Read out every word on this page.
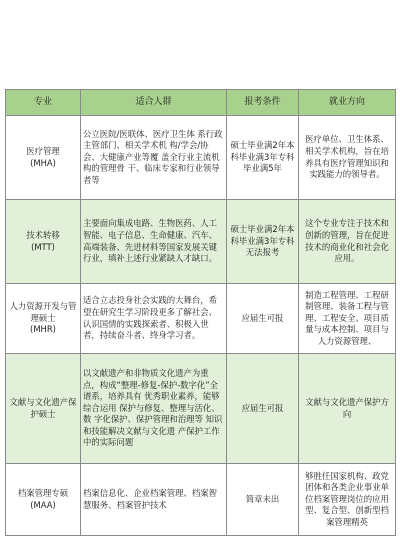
专业	适合人群	报考条件	就业方向

医疗管理
(MHA)	公立医院/医联体、医疗卫生体 系行政主管部门、相关学术机 构/学会/协会、大健康产业等覆 盖全行业主流机构的管理骨 干、临床专家和行业领导者等	硕士毕业满2年本科毕业满3年专科毕业满5年	医疗单位、卫生体系、相关学术机构，旨在培养具有医疗管理知识和实践能力的领导者。

技术转移
(MTT)	主要面向集成电路、生物医药、人工智能、电子信息、生命健康、汽车、高端装备、先进材料等国家发展关键行业，填补上述行业紧缺人才缺口。	硕士毕业满2年本科毕业满3年专科无法报考	这个专业专注于技术和创新的管理，旨在促进技术的商业化和社会化应用。

人力资源开发与管理硕士
(MHR)	适合立志投身社会实践的大舞台，希望在研究生学习阶段更多了解社会、认识国情的实践探索者、积极入世者，持续奋斗者、终身学习者。	应届生可报	制造工程管理、工程研制管理、装备工程与管理、工程安全、项目质量与成本控制、项目与人力资源管理、

文献与文化遗产保护硕士	以文献遗产和非物质文化遗产为重点，构成“整理-修复-保护-数字化”全谱系，培养具有 优秀职业素养，能够综合运用 保护与修复、整理与活化、数 字化保护、保护管理和治理等 知识和技能解决文献与文化遗 产保护工作中的实际问题	应届生可报	文献与文化遗产保护方向

档案管理专硕
(MAA)	档案信息化、企业档案管理、档案智慧服务、档案管护技术	简章未出	够胜任国家机构、政党团体和各类企业事业单位档案管理岗位的应用型、复合型、创新型档案管理精英
